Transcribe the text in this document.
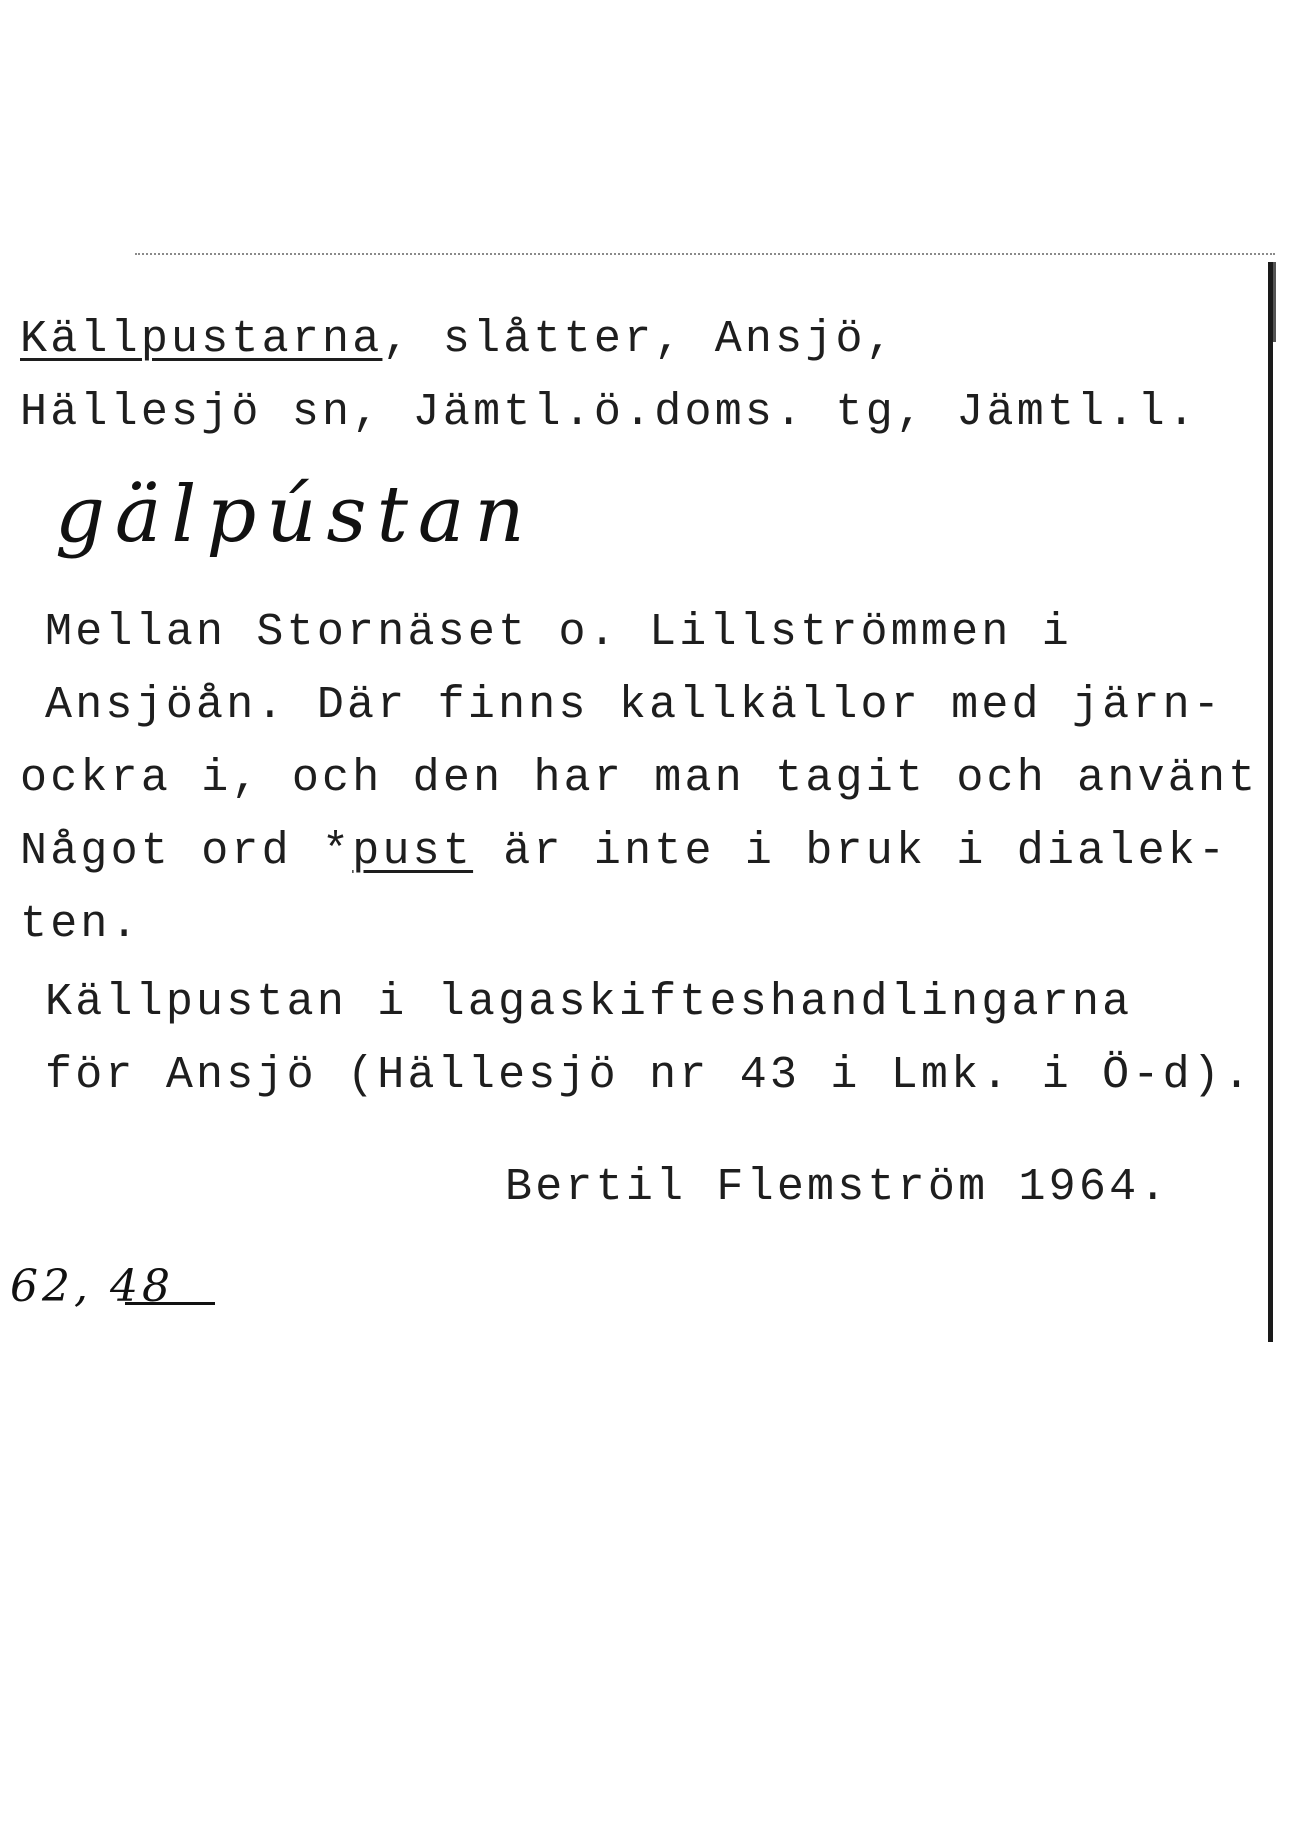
Källpustarna, slåtter, Ansjö,
Hällesjö sn, Jämtl.ö.doms. tg, Jämtl.l.
gälpústan
Mellan Stornäset o. Lillströmmen i
Ansjöån. Där finns kallkällor med järn-
ockra i, och den har man tagit och använt
Något ord *pust är inte i bruk i dialek-
ten.
Källpustan i lagaskifteshandlingarna
för Ansjö (Hällesjö nr 43 i Lmk. i Ö-d).
Bertil Flemström 1964.
62, 48
